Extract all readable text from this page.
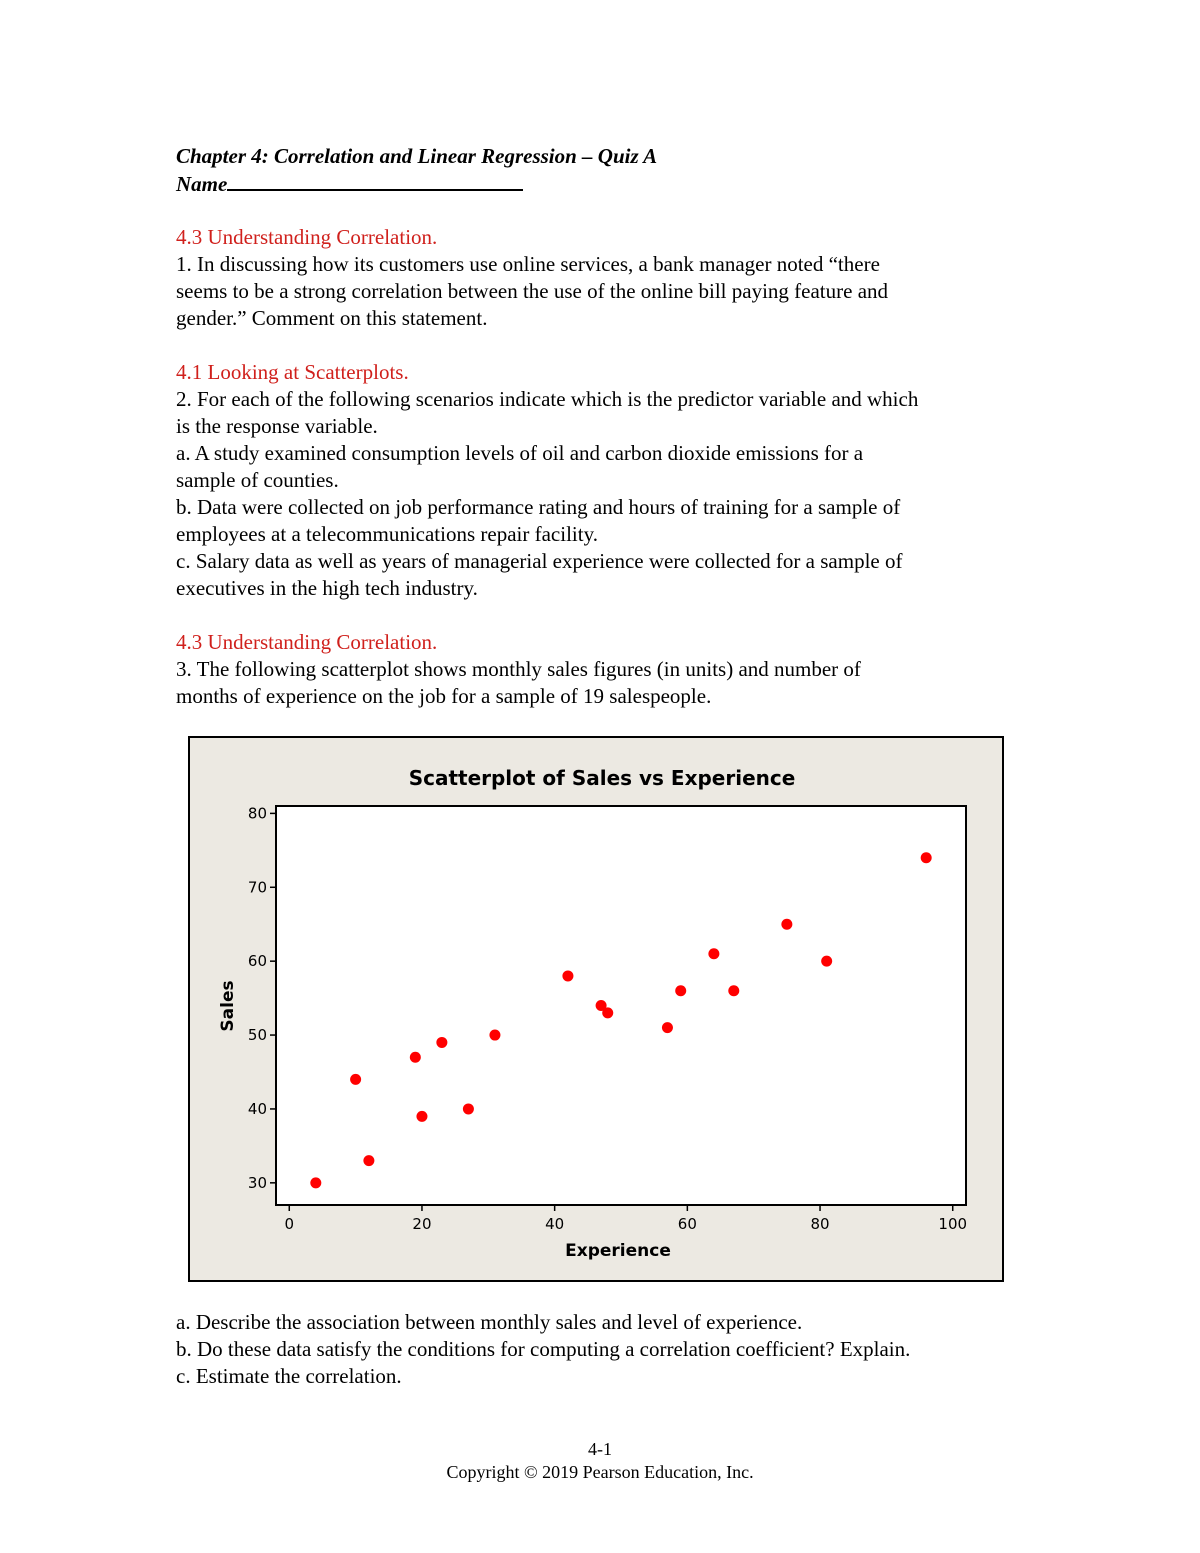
Chapter 4: Correlation and Linear Regression – Quiz A
Name
4.3 Understanding Correlation.
1. In discussing how its customers use online services, a bank manager noted “there
seems to be a strong correlation between the use of the online bill paying feature and
gender.” Comment on this statement.
4.1 Looking at Scatterplots.
2. For each of the following scenarios indicate which is the predictor variable and which
is the response variable.
a. A study examined consumption levels of oil and carbon dioxide emissions for a
sample of counties.
b. Data were collected on job performance rating and hours of training for a sample of
employees at a telecommunications repair facility.
c. Salary data as well as years of managerial experience were collected for a sample of
executives in the high tech industry.
4.3 Understanding Correlation.
3. The following scatterplot shows monthly sales figures (in units) and number of
months of experience on the job for a sample of 19 salespeople.
Scatterplot of Sales vs Experience
0	20	40	60	80	100
30
40
50
60
70
80
Experience
Sales
a. Describe the association between monthly sales and level of experience.
b. Do these data satisfy the conditions for computing a correlation coefficient? Explain.
c. Estimate the correlation.
4-1
Copyright © 2019 Pearson Education, Inc.
